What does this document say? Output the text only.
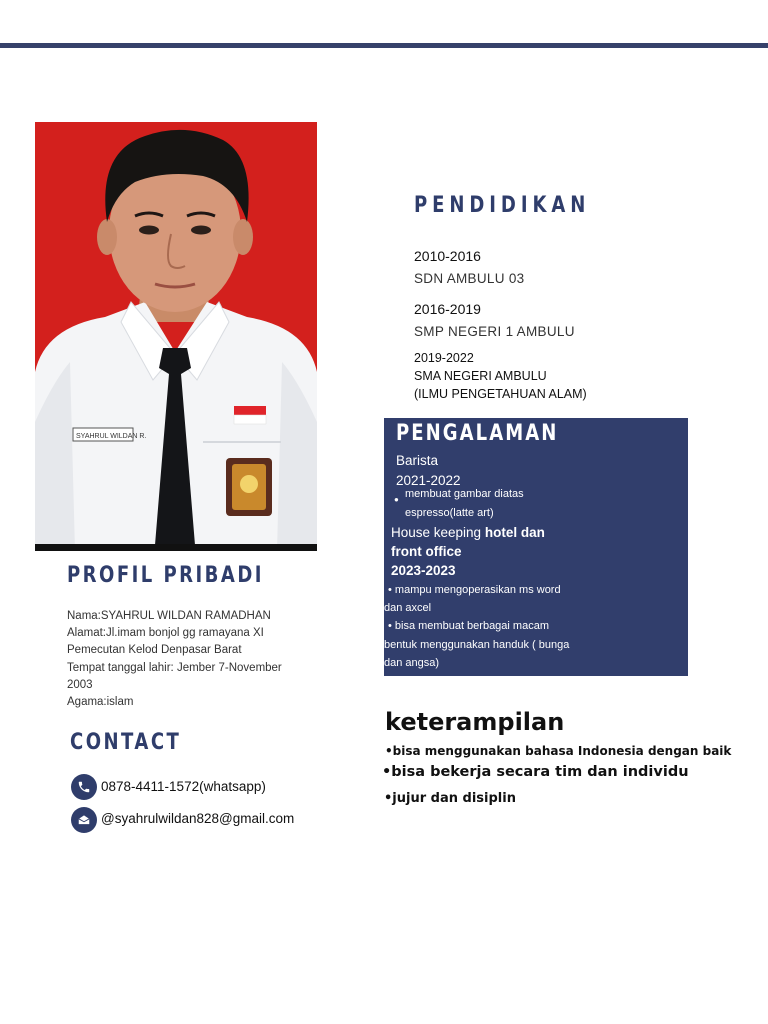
SYAHRUL WILDAN R.
PROFIL PRIBADI
Nama:SYAHRUL WILDAN RAMADHAN
Alamat:Jl.imam bonjol gg ramayana XI
Pemecutan Kelod Denpasar Barat
Tempat tanggal lahir: Jember 7-November
2003
Agama:islam
CONTACT
0878-4411-1572(whatsapp)
@syahrulwildan828@gmail.com
PENDIDIKAN
2010-2016
SDN AMBULU 03
2016-2019
SMP NEGERI 1 AMBULU
2019-2022
SMA NEGERI AMBULU
(ILMU PENGETAHUAN ALAM)
PENGALAMAN
Barista
2021-2022
● membuat gambar diatas
espresso(latte art)
House keeping hotel dan
front office
2023-2023
• mampu mengoperasikan ms word
dan axcel
• bisa membuat berbagai macam
bentuk menggunakan handuk ( bunga
dan angsa)
keterampilan
•bisa menggunakan bahasa Indonesia dengan baik
•bisa bekerja secara tim dan individu
•jujur dan disiplin
